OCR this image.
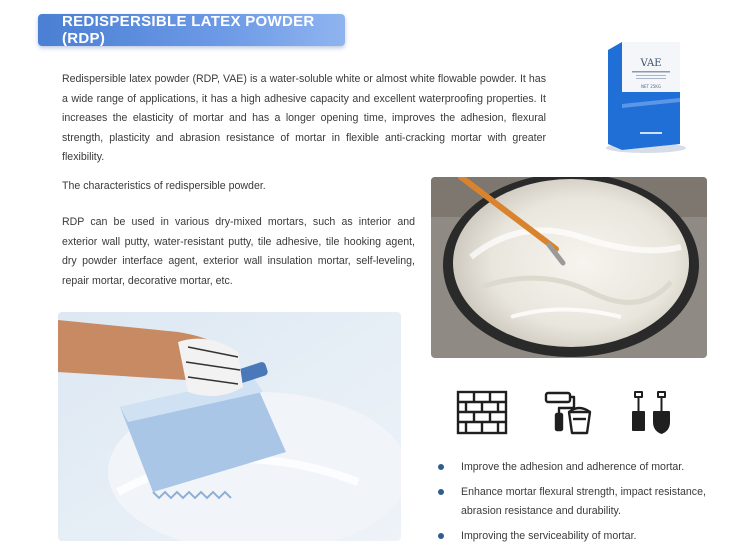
REDISPERSIBLE LATEX POWDER (RDP)

Redispersible latex powder (RDP, VAE) is a water-soluble white or almost white flowable powder. It has a wide range of applications, it has a high adhesive capacity and excellent waterproofing properties. It increases the elasticity of mortar and has a longer opening time, improves the adhesion, flexural strength, plasticity and abrasion resistance of mortar in flexible anti-cracking mortar with greater flexibility.

VAE
NET 25KG

The characteristics of redispersible powder.

RDP can be used in various dry-mixed mortars, such as interior and exterior wall putty, water-resistant putty, tile adhesive, tile hooking agent, dry powder interface agent, exterior wall insulation mortar, self-leveling, repair mortar, decorative mortar, etc.

Improve the adhesion and adherence of mortar.
Enhance mortar flexural strength, impact resistance, abrasion resistance and durability.
Improving the serviceability of mortar.
